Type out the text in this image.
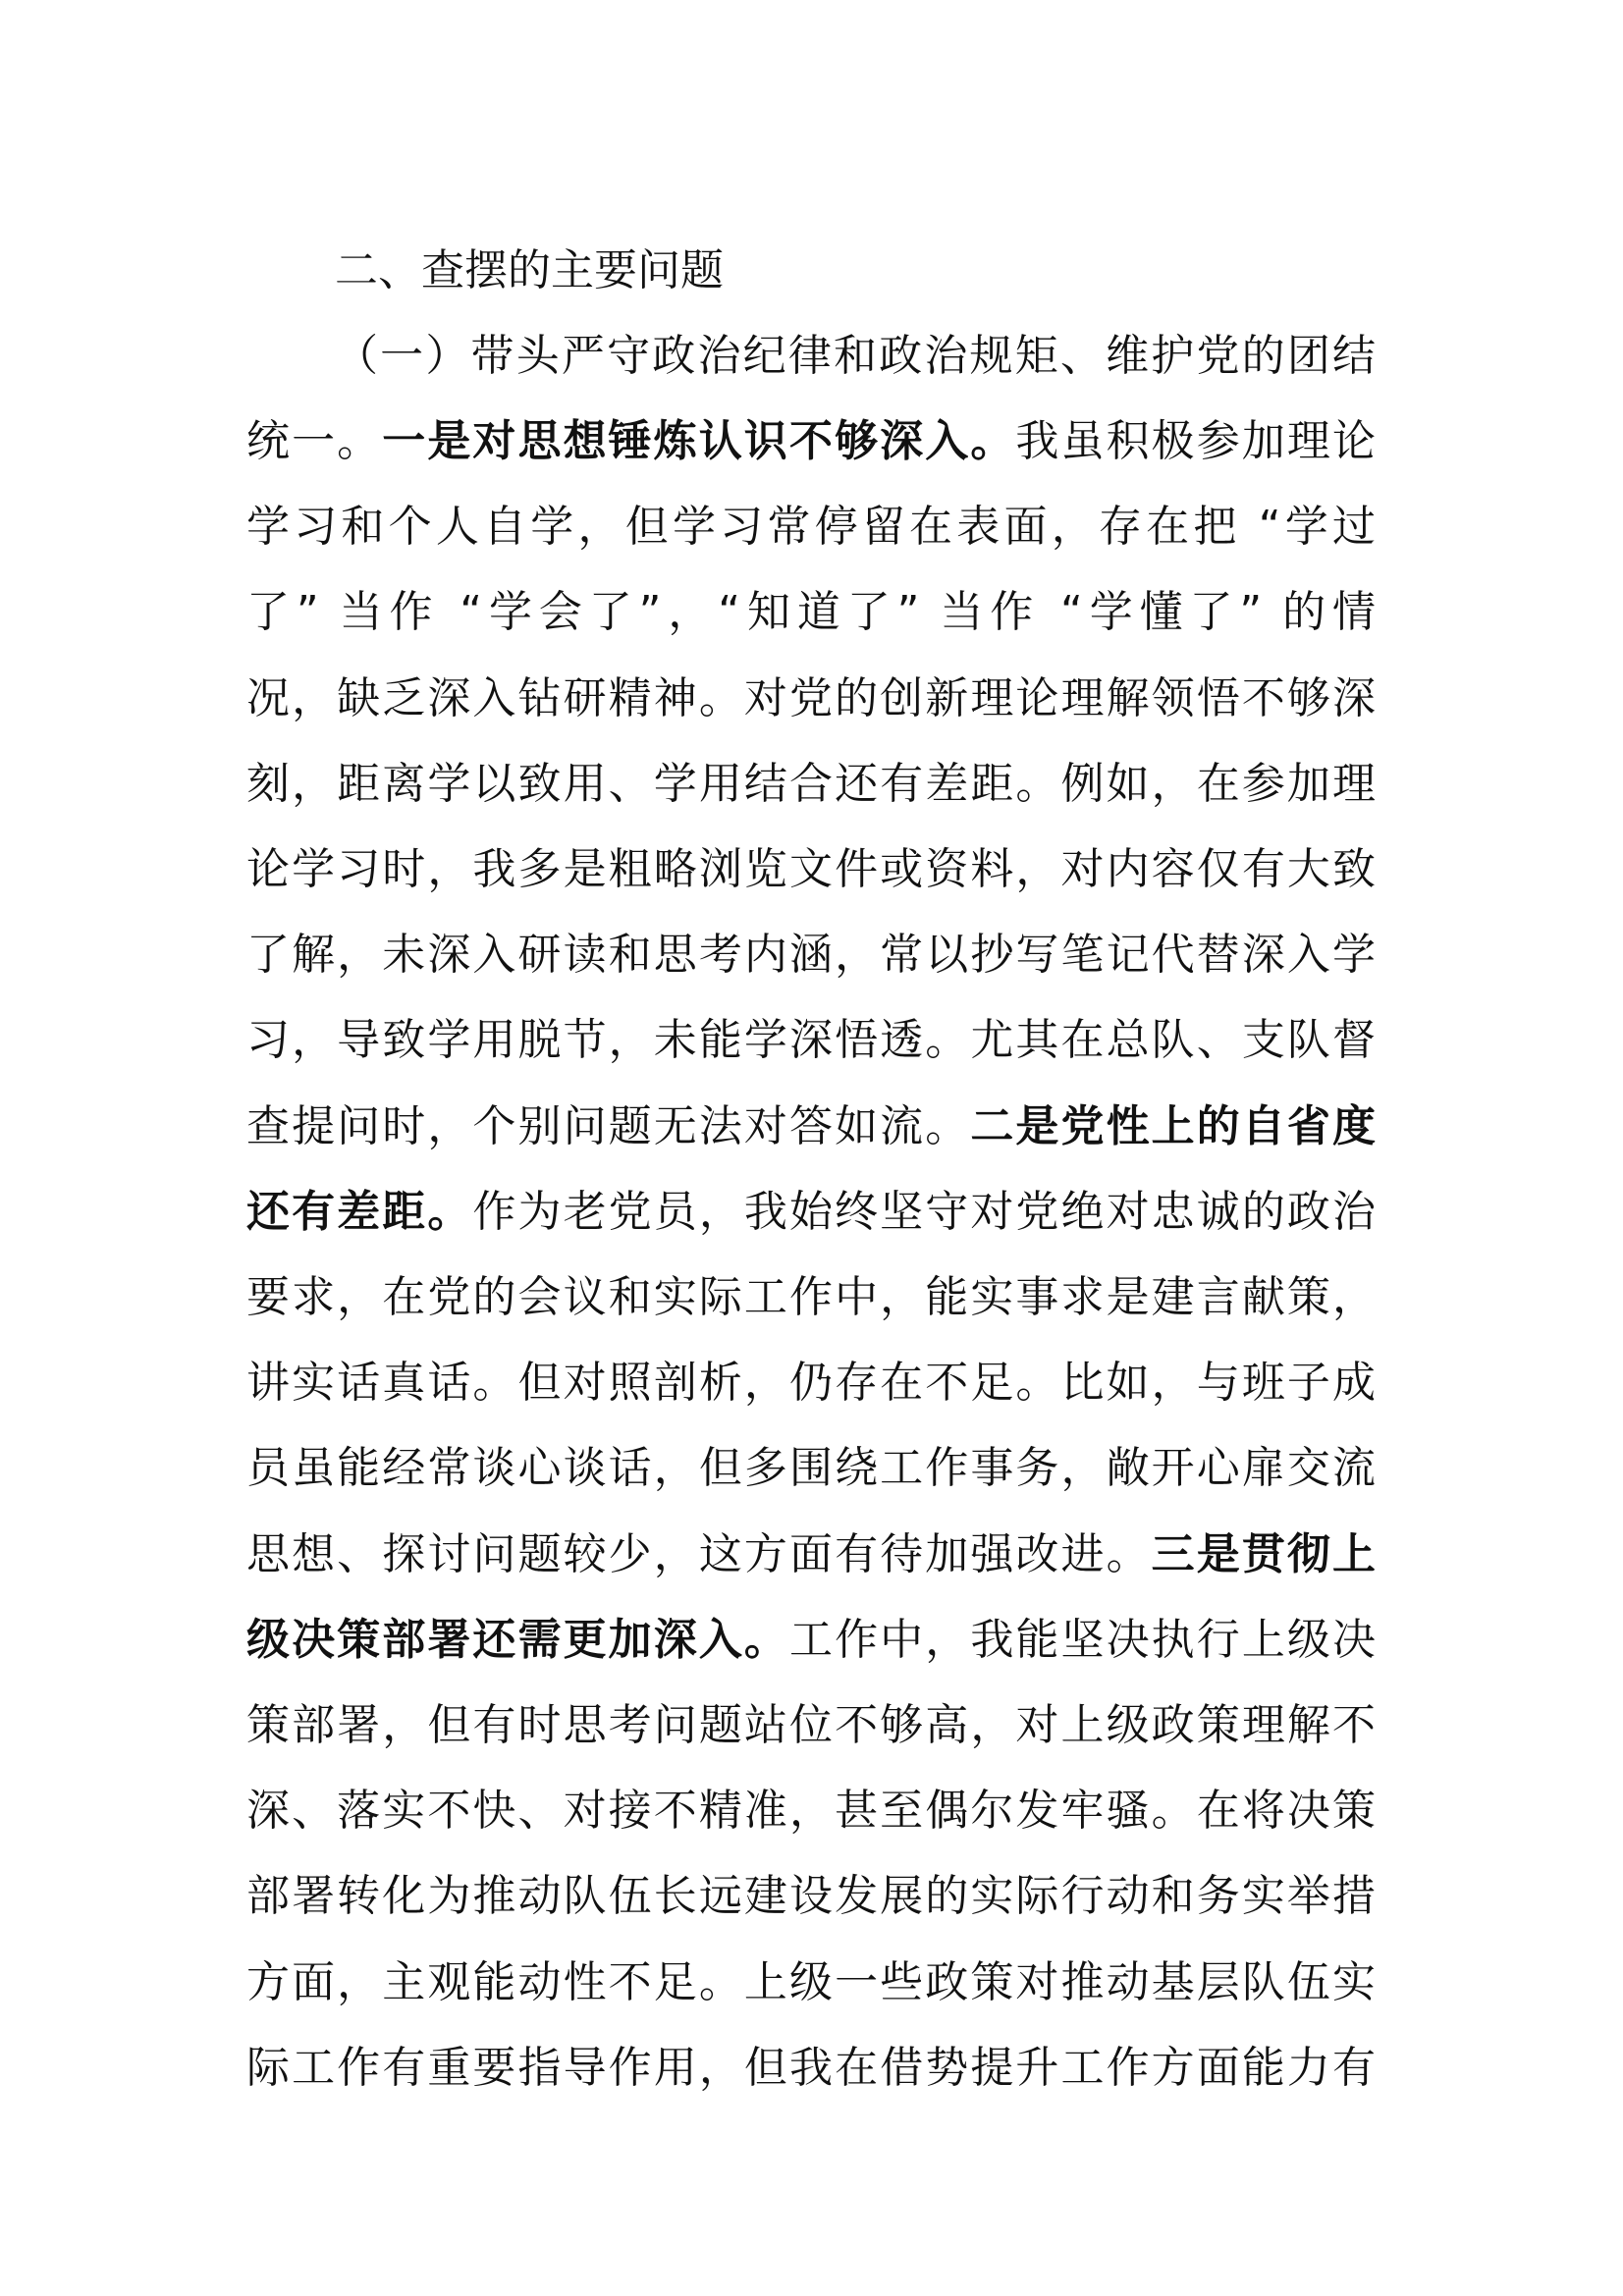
二、查摆的主要问题
（一）带头严守政治纪律和政治规矩、维护党的团结
统一。一是对思想锤炼认识不够深入。我虽积极参加理论
学习和个人自学，但学习常停留在表面，存在把 “学过
了” 当作 “学会了”，“知道了” 当作 “学懂了” 的情
况，缺乏深入钻研精神。对党的创新理论理解领悟不够深
刻，距离学以致用、学用结合还有差距。例如，在参加理
论学习时，我多是粗略浏览文件或资料，对内容仅有大致
了解，未深入研读和思考内涵，常以抄写笔记代替深入学
习，导致学用脱节，未能学深悟透。尤其在总队、支队督
查提问时，个别问题无法对答如流。二是党性上的自省度
还有差距。作为老党员，我始终坚守对党绝对忠诚的政治
要求，在党的会议和实际工作中，能实事求是建言献策，
讲实话真话。但对照剖析，仍存在不足。比如，与班子成
员虽能经常谈心谈话，但多围绕工作事务，敞开心扉交流
思想、探讨问题较少，这方面有待加强改进。三是贯彻上
级决策部署还需更加深入。工作中，我能坚决执行上级决
策部署，但有时思考问题站位不够高，对上级政策理解不
深、落实不快、对接不精准，甚至偶尔发牢骚。在将决策
部署转化为推动队伍长远建设发展的实际行动和务实举措
方面，主观能动性不足。上级一些政策对推动基层队伍实
际工作有重要指导作用，但我在借势提升工作方面能力有
